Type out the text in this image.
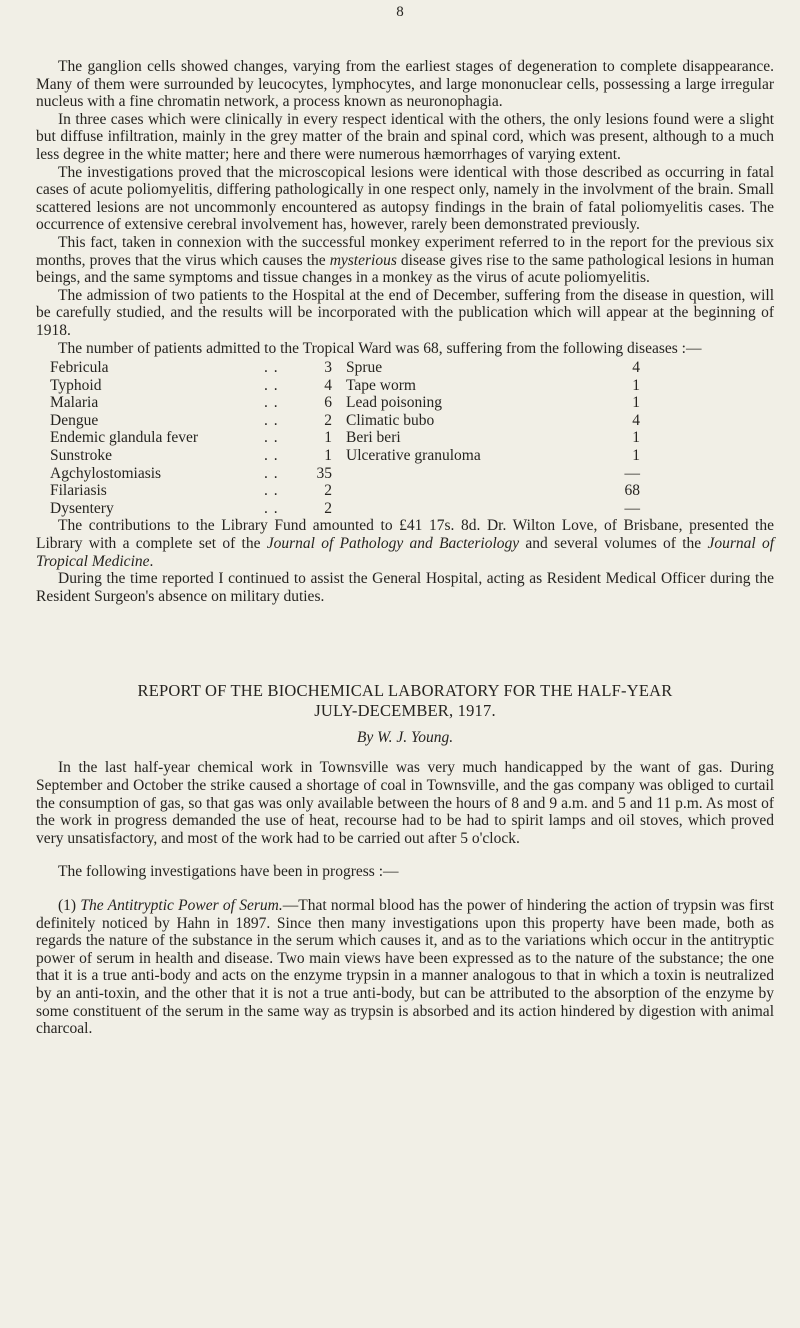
8

The ganglion cells showed changes, varying from the earliest stages of degeneration to complete disappearance. Many of them were surrounded by leucocytes, lymphocytes, and large mononuclear cells, possessing a large irregular nucleus with a fine chromatin network, a process known as neuronophagia.

In three cases which were clinically in every respect identical with the others, the only lesions found were a slight but diffuse infiltration, mainly in the grey matter of the brain and spinal cord, which was present, although to a much less degree in the white matter; here and there were numerous hæmorrhages of varying extent.

The investigations proved that the microscopical lesions were identical with those described as occurring in fatal cases of acute poliomyelitis, differing pathologically in one respect only, namely in the involvment of the brain. Small scattered lesions are not uncommonly encountered as autopsy findings in the brain of fatal poliomyelitis cases. The occurrence of extensive cerebral involvement has, however, rarely been demonstrated previously.

This fact, taken in connexion with the successful monkey experiment referred to in the report for the previous six months, proves that the virus which causes the mysterious disease gives rise to the same pathological lesions in human beings, and the same symptoms and tissue changes in a monkey as the virus of acute poliomyelitis.

The admission of two patients to the Hospital at the end of December, suffering from the disease in question, will be carefully studied, and the results will be incorporated with the publication which will appear at the beginning of 1918.

The number of patients admitted to the Tropical Ward was 68, suffering from the following diseases :—

Febricula	. .	3	Sprue	4
Typhoid	. .	4	Tape worm	1
Malaria	. .	6	Lead poisoning	1
Dengue	. .	2	Climatic bubo	4
Endemic glandula fever	. .	1	Beri beri	1
Sunstroke	. .	1	Ulcerative granuloma	1
Agchylostomiasis	. .	35		—
Filariasis	. .	2		68
Dysentery	. .	2		—

The contributions to the Library Fund amounted to £41 17s. 8d. Dr. Wilton Love, of Brisbane, presented the Library with a complete set of the Journal of Pathology and Bacteriology and several volumes of the Journal of Tropical Medicine.

During the time reported I continued to assist the General Hospital, acting as Resident Medical Officer during the Resident Surgeon's absence on military duties.

REPORT OF THE BIOCHEMICAL LABORATORY FOR THE HALF-YEAR
JULY-DECEMBER, 1917.
By W. J. Young.

In the last half-year chemical work in Townsville was very much handicapped by the want of gas. During September and October the strike caused a shortage of coal in Townsville, and the gas company was obliged to curtail the consumption of gas, so that gas was only available between the hours of 8 and 9 a.m. and 5 and 11 p.m. As most of the work in progress demanded the use of heat, recourse had to be had to spirit lamps and oil stoves, which proved very unsatisfactory, and most of the work had to be carried out after 5 o'clock.

The following investigations have been in progress :—

(1) The Antitryptic Power of Serum.—That normal blood has the power of hindering the action of trypsin was first definitely noticed by Hahn in 1897. Since then many investigations upon this property have been made, both as regards the nature of the substance in the serum which causes it, and as to the variations which occur in the antitryptic power of serum in health and disease. Two main views have been expressed as to the nature of the substance; the one that it is a true anti-body and acts on the enzyme trypsin in a manner analogous to that in which a toxin is neutralized by an anti-toxin, and the other that it is not a true anti-body, but can be attributed to the absorption of the enzyme by some constituent of the serum in the same way as trypsin is absorbed and its action hindered by digestion with animal charcoal.
